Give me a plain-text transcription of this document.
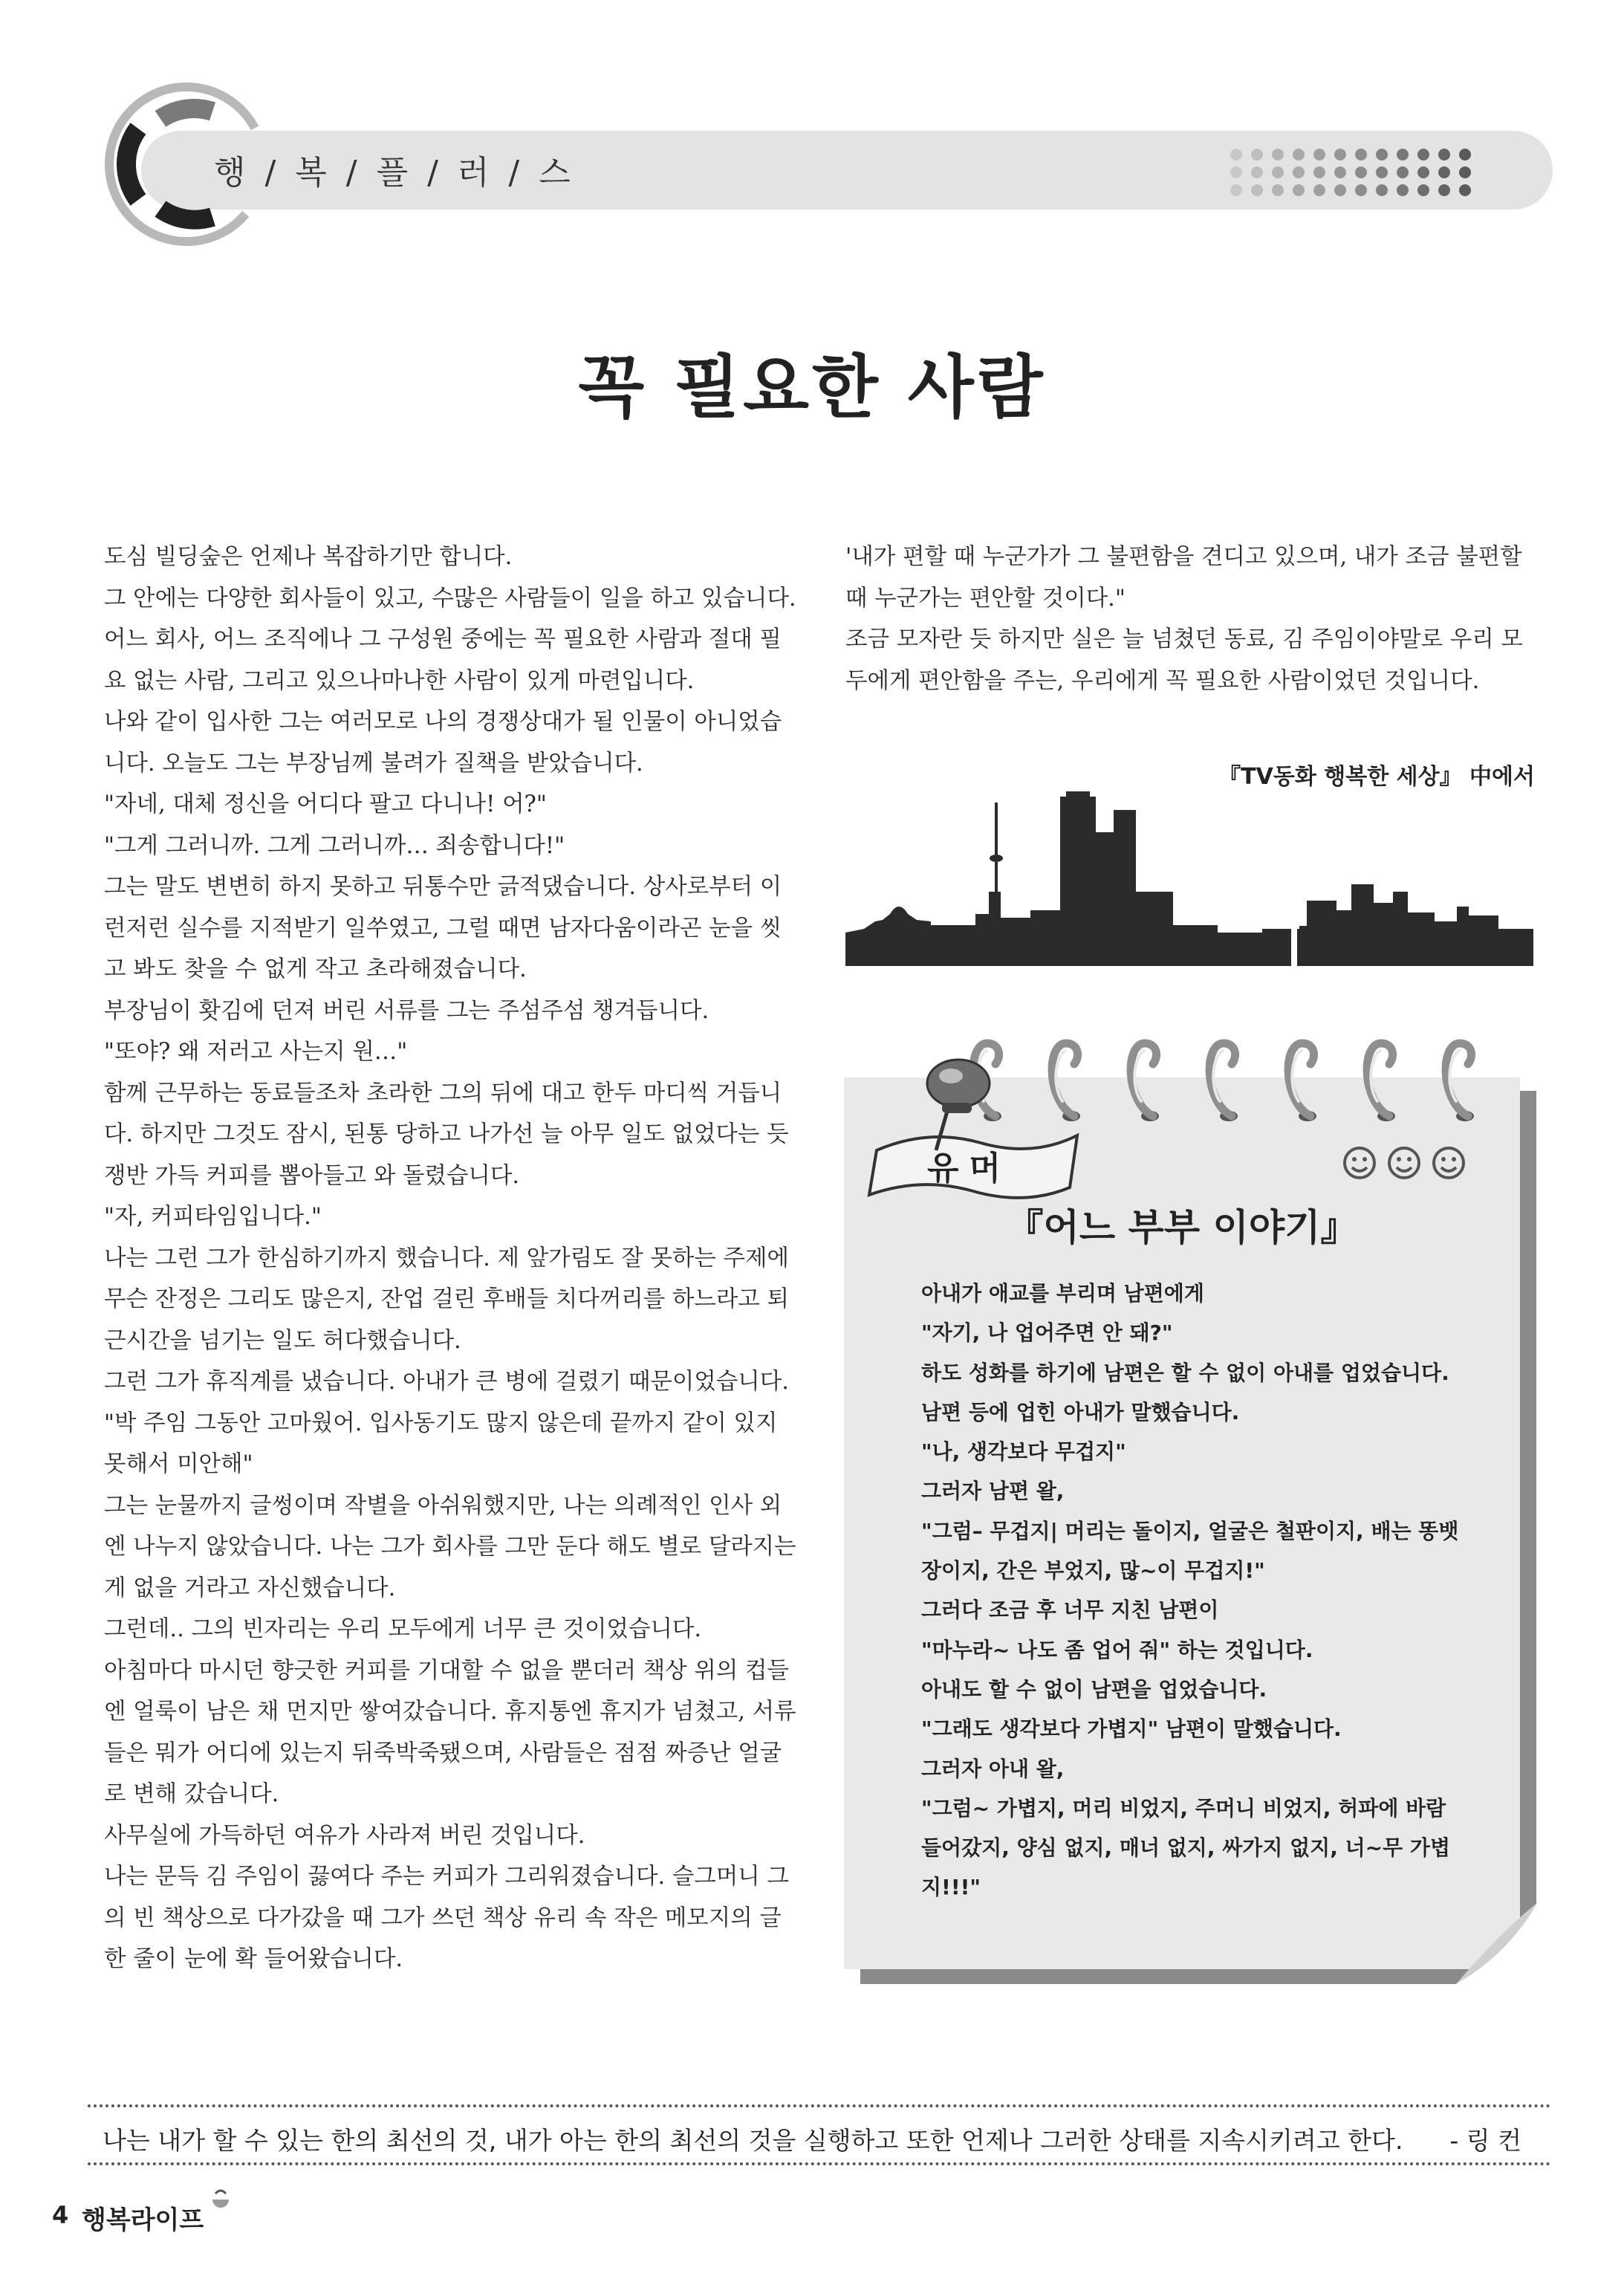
행 / 복 / 플 / 러 / 스
꼭 필요한 사람

도심 빌딩숲은 언제나 복잡하기만 합니다.

그 안에는 다양한 회사들이 있고, 수많은 사람들이 일을 하고 있습니다. 어느 회사, 어느 조직에나 그 구성원 중에는 꼭 필요한 사람과 절대 필요 없는 사람, 그리고 있으나마나한 사람이 있게 마련입니다.

나와 같이 입사한 그는 여러모로 나의 경쟁상대가 될 인물이 아니었습니다. 오늘도 그는 부장님께 불려가 질책을 받았습니다.

"자네, 대체 정신을 어디다 팔고 다니나! 어?"

"그게 그러니까. 그게 그러니까… 죄송합니다!"

그는 말도 변변히 하지 못하고 뒤통수만 긁적댔습니다. 상사로부터 이런저런 실수를 지적받기 일쑤였고, 그럴 때면 남자다움이라곤 눈을 씻고 봐도 찾을 수 없게 작고 초라해졌습니다.

부장님이 홧김에 던져 버린 서류를 그는 주섬주섬 챙겨듭니다.

"또야? 왜 저러고 사는지 원…"

함께 근무하는 동료들조차 초라한 그의 뒤에 대고 한두 마디씩 거듭니다. 하지만 그것도 잠시, 된통 당하고 나가선 늘 아무 일도 없었다는 듯 쟁반 가득 커피를 뽑아들고 와 돌렸습니다.

"자, 커피타임입니다."

나는 그런 그가 한심하기까지 했습니다. 제 앞가림도 잘 못하는 주제에 무슨 잔정은 그리도 많은지, 잔업 걸린 후배들 치다꺼리를 하느라고 퇴근시간을 넘기는 일도 허다했습니다.

그런 그가 휴직계를 냈습니다. 아내가 큰 병에 걸렸기 때문이었습니다.

"박 주임 그동안 고마웠어. 입사동기도 많지 않은데 끝까지 같이 있지 못해서 미안해"

그는 눈물까지 글썽이며 작별을 아쉬워했지만, 나는 의례적인 인사 외엔 나누지 않았습니다. 나는 그가 회사를 그만 둔다 해도 별로 달라지는 게 없을 거라고 자신했습니다.

그런데.. 그의 빈자리는 우리 모두에게 너무 큰 것이었습니다.

아침마다 마시던 향긋한 커피를 기대할 수 없을 뿐더러 책상 위의 컵들엔 얼룩이 남은 채 먼지만 쌓여갔습니다. 휴지통엔 휴지가 넘쳤고, 서류들은 뭐가 어디에 있는지 뒤죽박죽됐으며, 사람들은 점점 짜증난 얼굴로 변해 갔습니다.

사무실에 가득하던 여유가 사라져 버린 것입니다.

나는 문득 김 주임이 끓여다 주는 커피가 그리워졌습니다. 슬그머니 그의 빈 책상으로 다가갔을 때 그가 쓰던 책상 유리 속 작은 메모지의 글 한 줄이 눈에 확 들어왔습니다.

'내가 편할 때 누군가가 그 불편함을 견디고 있으며, 내가 조금 불편할 때 누군가는 편안할 것이다."

조금 모자란 듯 하지만 실은 늘 넘쳤던 동료, 김 주임이야말로 우리 모두에게 편안함을 주는, 우리에게 꼭 필요한 사람이었던 것입니다.

『TV동화 행복한 세상』 中에서
유머
『어느 부부 이야기』

아내가 애교를 부리며 남편에게

"자기, 나 업어주면 안 돼?"

하도 성화를 하기에 남편은 할 수 없이 아내를 업었습니다. 남편 등에 업힌 아내가 말했습니다.

"나, 생각보다 무겁지"

그러자 남편 왈,

"그럼– 무겁지| 머리는 돌이지, 얼굴은 철판이지, 배는 똥뱃장이지, 간은 부었지, 많~이 무겁지!"

그러다 조금 후 너무 지친 남편이

"마누라~ 나도 좀 업어 줘" 하는 것입니다.

아내도 할 수 없이 남편을 업었습니다.

"그래도 생각보다 가볍지" 남편이 말했습니다.

그러자 아내 왈,

"그럼~ 가볍지, 머리 비었지, 주머니 비었지, 허파에 바람 들어갔지, 양심 없지, 매너 없지, 싸가지 없지, 너~무 가볍지!!!"

나는 내가 할 수 있는 한의 최선의 것, 내가 아는 한의 최선의 것을 실행하고 또한 언제나 그러한 상태를 지속시키려고 한다. - 링 컨
4 행복라이프
